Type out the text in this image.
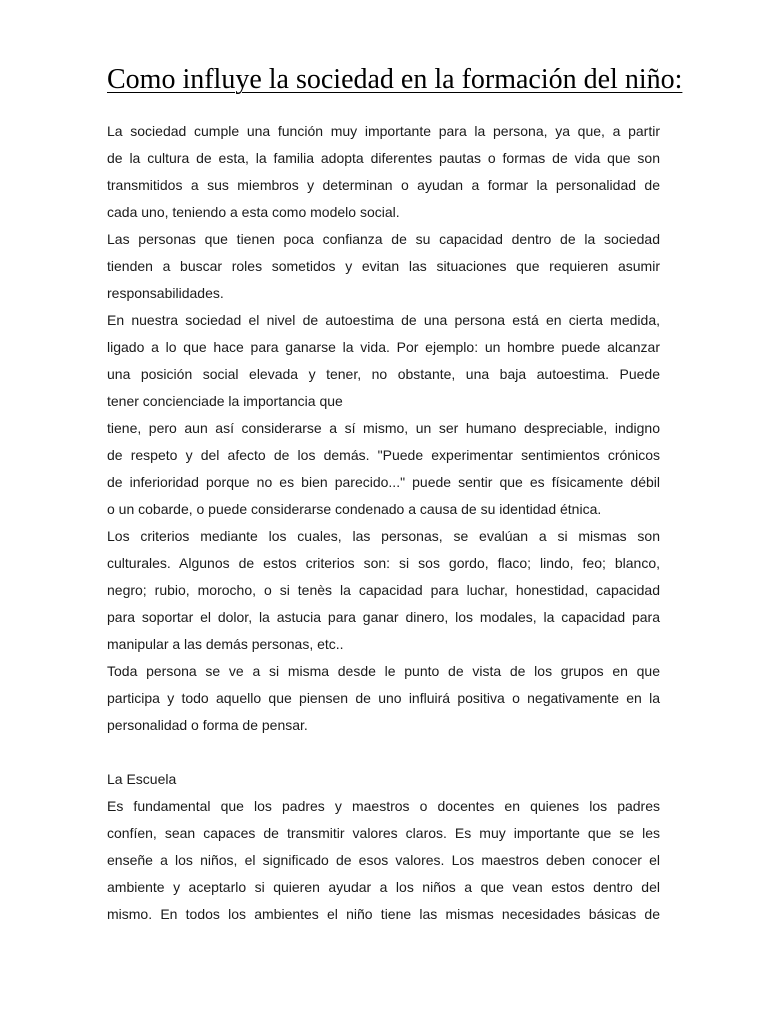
Como influye la sociedad en la formación del niño:
La sociedad cumple una función muy importante para la persona, ya que, a partir
de la cultura de esta, la familia adopta diferentes pautas o formas de vida que son
transmitidos a sus miembros y determinan o ayudan a formar la personalidad de
cada uno, teniendo a esta como modelo social.
Las personas que tienen poca confianza de su capacidad dentro de la sociedad
tienden a buscar roles sometidos y evitan las situaciones que requieren asumir
responsabilidades.
En nuestra sociedad el nivel de autoestima de una persona está en cierta medida,
ligado a lo que hace para ganarse la vida. Por ejemplo: un hombre puede alcanzar
una posición social elevada y tener, no obstante, una baja autoestima. Puede
tener concienciade la importancia que
tiene, pero aun así considerarse a sí mismo, un ser humano despreciable, indigno
de respeto y del afecto de los demás. "Puede experimentar sentimientos crónicos
de inferioridad porque no es bien parecido..." puede sentir que es físicamente débil
o un cobarde, o puede considerarse condenado a causa de su identidad étnica.
Los criterios mediante los cuales, las personas, se evalúan a si mismas son
culturales. Algunos de estos criterios son: si sos gordo, flaco; lindo, feo; blanco,
negro; rubio, morocho, o si tenès la capacidad para luchar, honestidad, capacidad
para soportar el dolor, la astucia para ganar dinero, los modales, la capacidad para
manipular a las demás personas, etc..
Toda persona se ve a si misma desde le punto de vista de los grupos en que
participa y todo aquello que piensen de uno influirá positiva o negativamente en la
personalidad o forma de pensar.
La Escuela
Es fundamental que los padres y maestros o docentes en quienes los padres
confíen, sean capaces de transmitir valores claros. Es muy importante que se les
enseñe a los niños, el significado de esos valores. Los maestros deben conocer el
ambiente y aceptarlo si quieren ayudar a los niños a que vean estos dentro del
mismo. En todos los ambientes el niño tiene las mismas necesidades básicas de
